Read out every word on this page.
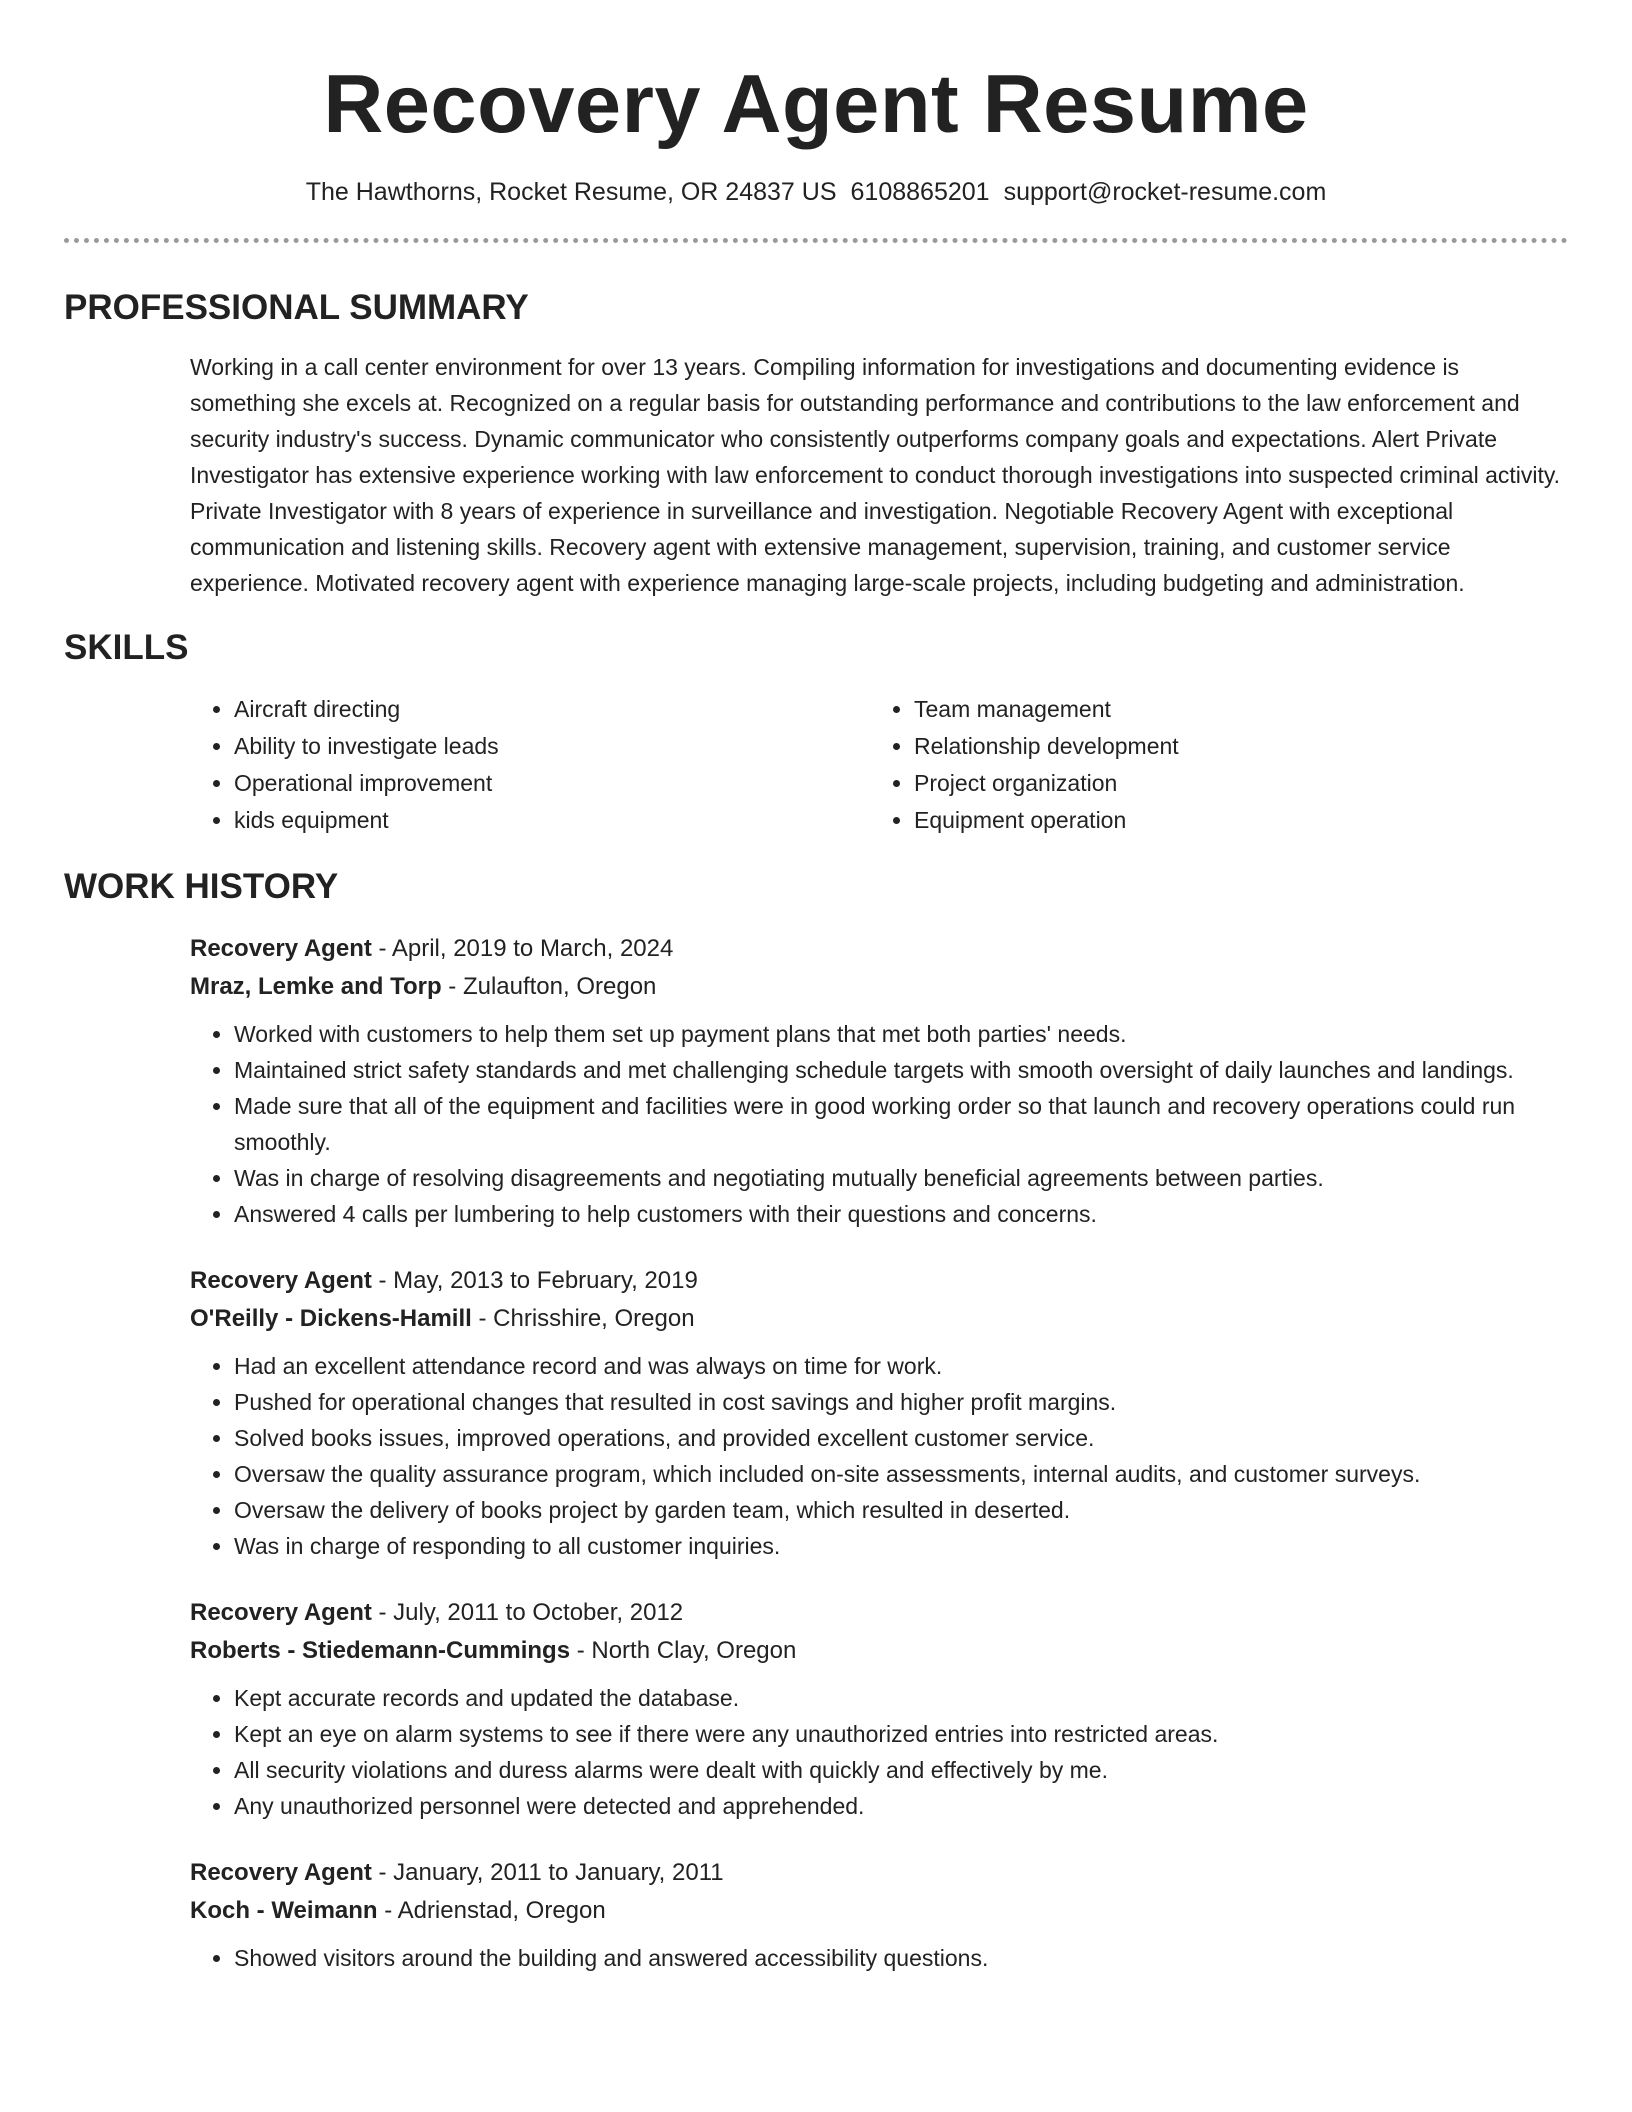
Recovery Agent Resume
The Hawthorns, Rocket Resume, OR 24837 US 6108865201 support@rocket-resume.com
PROFESSIONAL SUMMARY
Working in a call center environment for over 13 years. Compiling information for investigations and documenting evidence is something she excels at. Recognized on a regular basis for outstanding performance and contributions to the law enforcement and security industry's success. Dynamic communicator who consistently outperforms company goals and expectations. Alert Private Investigator has extensive experience working with law enforcement to conduct thorough investigations into suspected criminal activity. Private Investigator with 8 years of experience in surveillance and investigation. Negotiable Recovery Agent with exceptional communication and listening skills. Recovery agent with extensive management, supervision, training, and customer service experience. Motivated recovery agent with experience managing large-scale projects, including budgeting and administration.
SKILLS
• Aircraft directing
• Ability to investigate leads
• Operational improvement
• kids equipment
• Team management
• Relationship development
• Project organization
• Equipment operation
WORK HISTORY
Recovery Agent - April, 2019 to March, 2024
Mraz, Lemke and Torp - Zulaufton, Oregon
• Worked with customers to help them set up payment plans that met both parties' needs.
• Maintained strict safety standards and met challenging schedule targets with smooth oversight of daily launches and landings.
• Made sure that all of the equipment and facilities were in good working order so that launch and recovery operations could run smoothly.
• Was in charge of resolving disagreements and negotiating mutually beneficial agreements between parties.
• Answered 4 calls per lumbering to help customers with their questions and concerns.
Recovery Agent - May, 2013 to February, 2019
O'Reilly - Dickens-Hamill - Chrisshire, Oregon
• Had an excellent attendance record and was always on time for work.
• Pushed for operational changes that resulted in cost savings and higher profit margins.
• Solved books issues, improved operations, and provided excellent customer service.
• Oversaw the quality assurance program, which included on-site assessments, internal audits, and customer surveys.
• Oversaw the delivery of books project by garden team, which resulted in deserted.
• Was in charge of responding to all customer inquiries.
Recovery Agent - July, 2011 to October, 2012
Roberts - Stiedemann-Cummings - North Clay, Oregon
• Kept accurate records and updated the database.
• Kept an eye on alarm systems to see if there were any unauthorized entries into restricted areas.
• All security violations and duress alarms were dealt with quickly and effectively by me.
• Any unauthorized personnel were detected and apprehended.
Recovery Agent - January, 2011 to January, 2011
Koch - Weimann - Adrienstad, Oregon
• Showed visitors around the building and answered accessibility questions.
